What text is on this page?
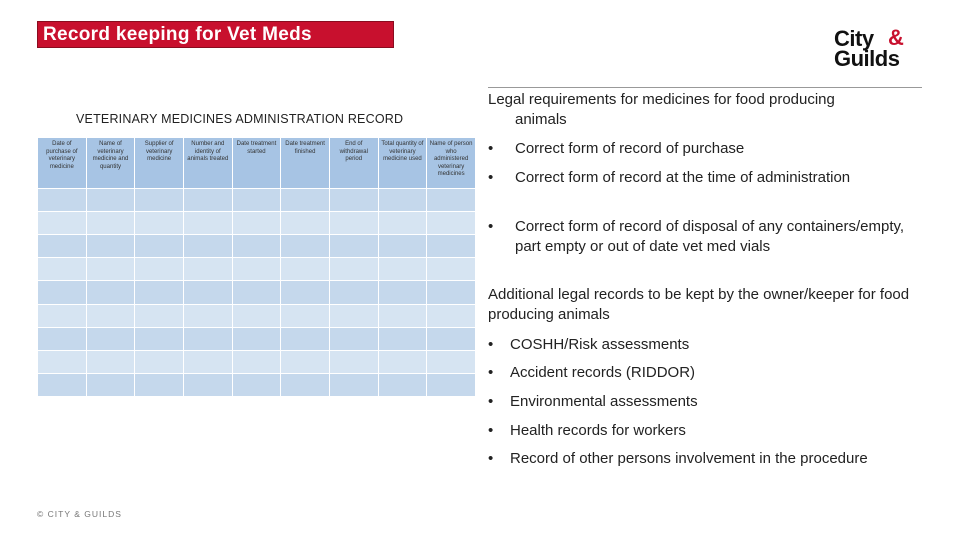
Record keeping for Vet Meds	City &
Guilds
VETERINARY MEDICINES ADMINISTRATION RECORD
Date of purchase of veterinary medicine	Name of veterinary medicine and quantity	Supplier of veterinary medicine	Number and identity of animals treated	Date treatment started	Date treatment finished	End of withdrawal period	Total quantity of veterinary medicine used	Name of person who administered veterinary medicines

Legal requirements for medicines for food producing
animals
• Correct form of record of purchase
• Correct form of record at the time of administration
• Correct form of record of disposal of any containers/empty, part empty or out of date vet med vials
Additional legal records to be kept by the owner/keeper for food producing animals
• COSHH/Risk assessments
• Accident records (RIDDOR)
• Environmental assessments
• Health records for workers
• Record of other persons involvement in the procedure
© CITY & GUILDS
